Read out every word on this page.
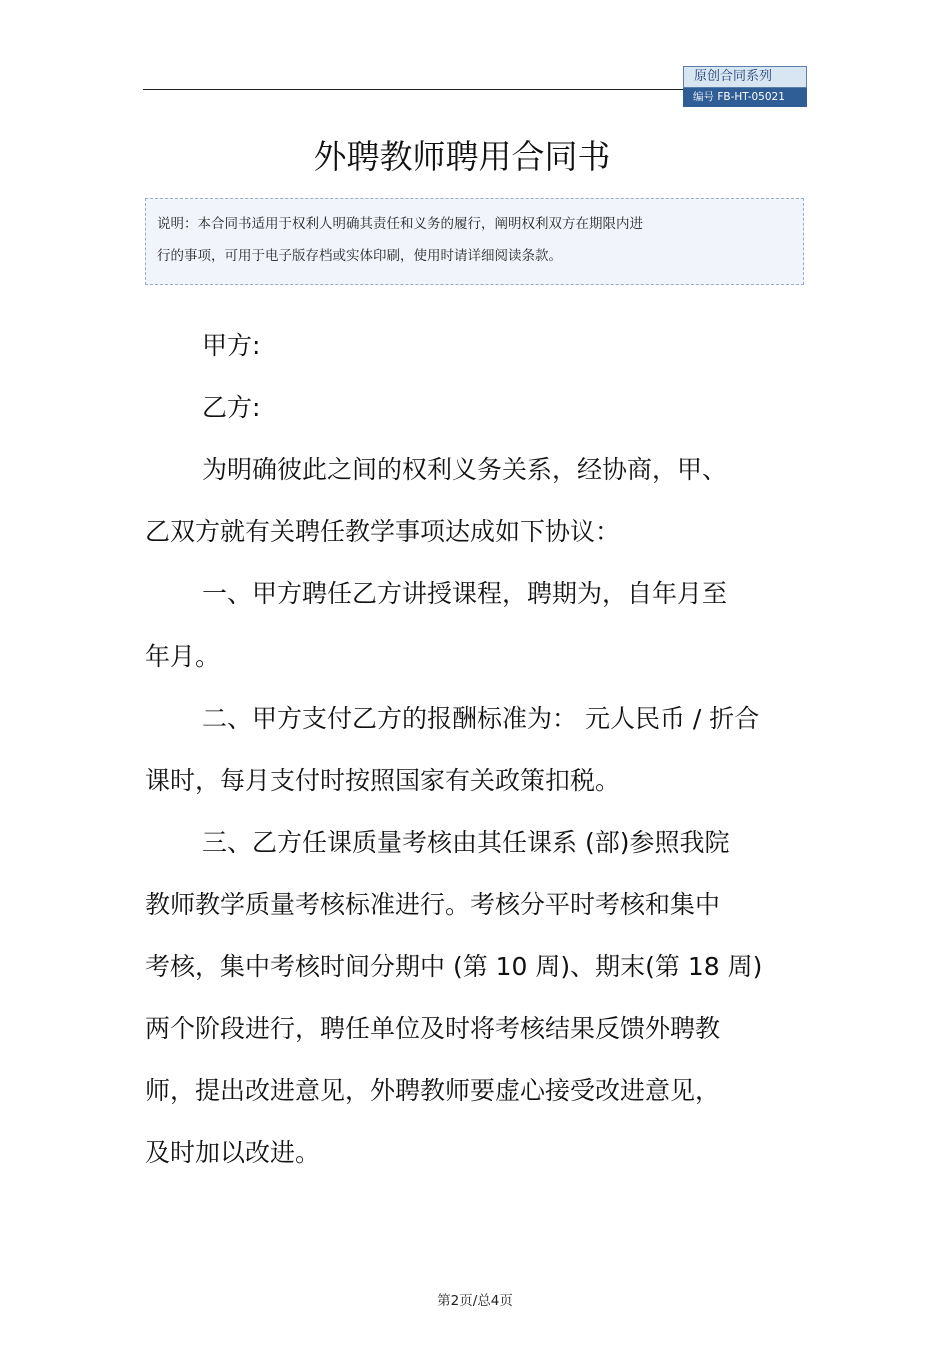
原创合同系列
编号 FB-HT-05021
外聘教师聘用合同书
说明：本合同书适用于权利人明确其责任和义务的履行，阐明权利双方在期限内进
行的事项，可用于电子版存档或实体印刷，使用时请详细阅读条款。
甲方:
乙方:
为明确彼此之间的权利义务关系，经协商，甲、
乙双方就有关聘任教学事项达成如下协议：
一、甲方聘任乙方讲授课程，聘期为，自年月至
年月。
二、甲方支付乙方的报酬标准为： 元人民币 / 折合
课时，每月支付时按照国家有关政策扣税。
三、乙方任课质量考核由其任课系 (部)参照我院
教师教学质量考核标准进行。考核分平时考核和集中
考核，集中考核时间分期中 (第 10 周)、期末(第 18 周)
两个阶段进行，聘任单位及时将考核结果反馈外聘教
师，提出改进意见，外聘教师要虚心接受改进意见，
及时加以改进。
第2页/总4页
